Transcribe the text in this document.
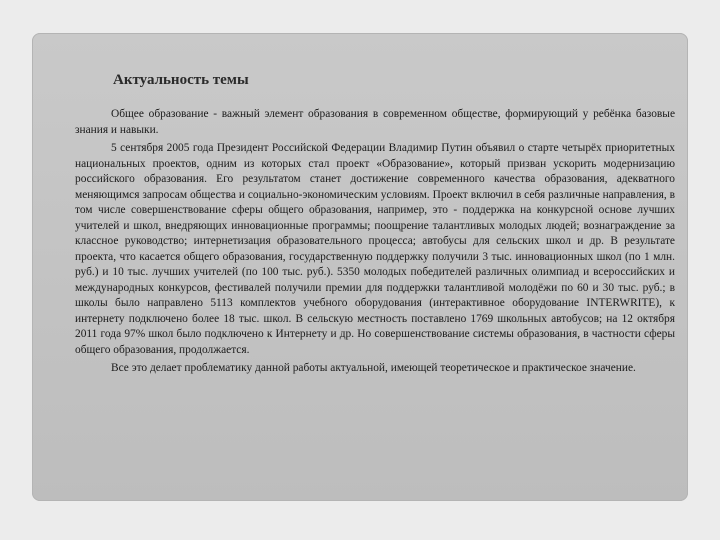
Актуальность темы

Общее образование - важный элемент образования в современном обществе, формирующий у ребёнка базовые знания и навыки.

5 сентября 2005 года Президент Российской Федерации Владимир Путин объявил о старте четырёх приоритетных национальных проектов, одним из которых стал проект «Образование», который призван ускорить модернизацию российского образования. Его результатом станет достижение современного качества образования, адекватного меняющимся запросам общества и социально-экономическим условиям. Проект включил в себя различные направления, в том числе совершенствование сферы общего образования, например, это - поддержка на конкурсной основе лучших учителей и школ, внедряющих инновационные программы; поощрение талантливых молодых людей; вознаграждение за классное руководство; интернетизация образовательного процесса; автобусы для сельских школ и др. В результате проекта, что касается общего образования, государственную поддержку получили 3 тыс. инновационных школ (по 1 млн. руб.) и 10 тыс. лучших учителей (по 100 тыс. руб.). 5350 молодых победителей различных олимпиад и всероссийских и международных конкурсов, фестивалей получили премии для поддержки талантливой молодёжи по 60 и 30 тыс. руб.; в школы было направлено 5113 комплектов учебного оборудования (интерактивное оборудование INTERWRITE), к интернету подключено более 18 тыс. школ. В сельскую местность поставлено 1769 школьных автобусов; на 12 октября 2011 года 97% школ было подключено к Интернету и др. Но совершенствование системы образования, в частности сферы общего образования, продолжается.

Все это делает проблематику данной работы актуальной, имеющей теоретическое и практическое значение.
